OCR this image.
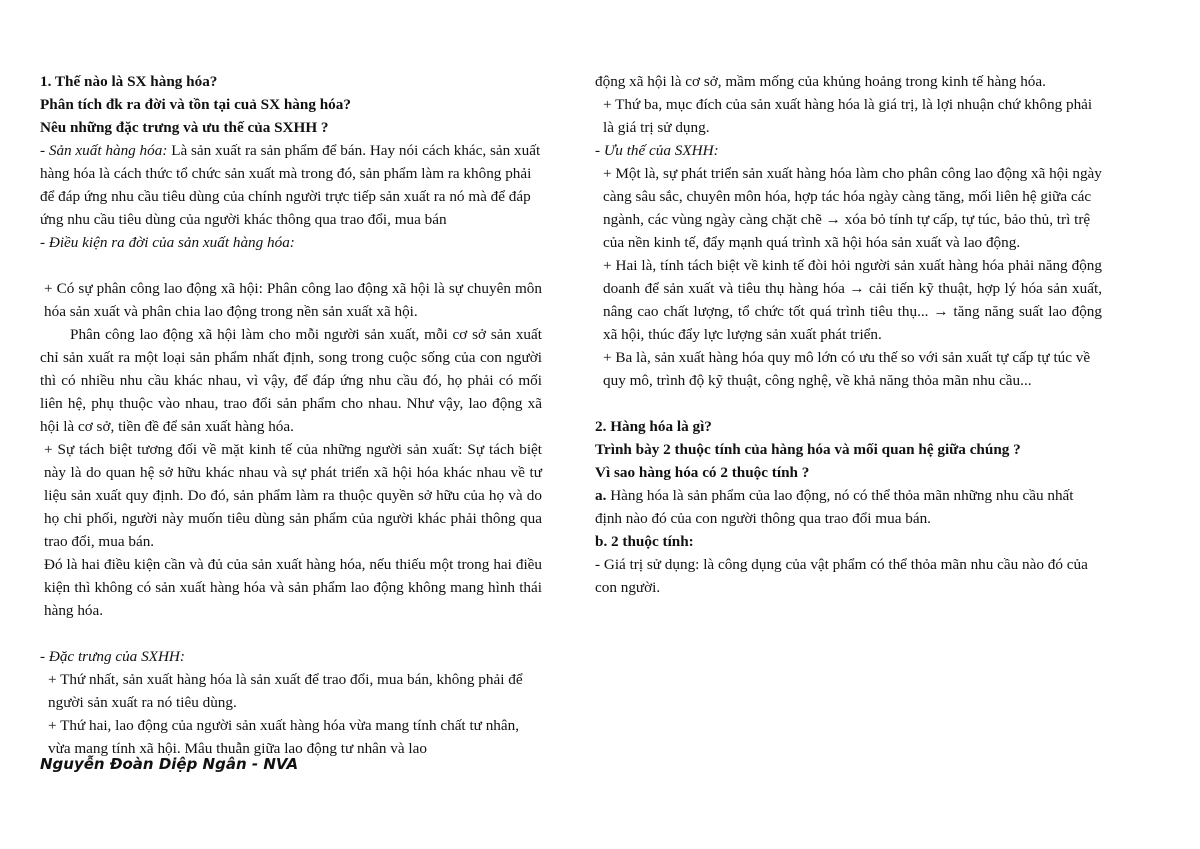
1. Thế nào là SX hàng hóa?

Phân tích đk ra đời và tồn tại cuả SX hàng hóa?

Nêu những đặc trưng và ưu thế của SXHH ?

- Sản xuất hàng hóa: Là sản xuất ra sản phẩm để bán. Hay nói cách khác, sản xuất hàng hóa là cách thức tổ chức sản xuất mà trong đó, sản phẩm làm ra không phải để đáp ứng nhu cầu tiêu dùng của chính người trực tiếp sản xuất ra nó mà để đáp ứng nhu cầu tiêu dùng của người khác thông qua trao đổi, mua bán

- Điều kiện ra đời của sản xuất hàng hóa:

+ Có sự phân công lao động xã hội: Phân công lao động xã hội là sự chuyên môn hóa sản xuất và phân chia lao động trong nền sản xuất xã hội.

Phân công lao động xã hội làm cho mỗi người sản xuất, mỗi cơ sở sản xuất chỉ sản xuất ra một loại sản phẩm nhất định, song trong cuộc sống của con người thì có nhiều nhu cầu khác nhau, vì vậy, để đáp ứng nhu cầu đó, họ phải có mối liên hệ, phụ thuộc vào nhau, trao đổi sản phẩm cho nhau. Như vậy, lao động xã hội là cơ sở, tiền đề để sản xuất hàng hóa.

+ Sự tách biệt tương đối về mặt kinh tế của những người sản xuất: Sự tách biệt này là do quan hệ sở hữu khác nhau và sự phát triển xã hội hóa khác nhau về tư liệu sản xuất quy định. Do đó, sản phẩm làm ra thuộc quyền sở hữu của họ và do họ chi phối, người này muốn tiêu dùng sản phẩm của người khác phải thông qua trao đổi, mua bán.

Đó là hai điều kiện cần và đủ của sản xuất hàng hóa, nếu thiếu một trong hai điều kiện thì không có sản xuất hàng hóa và sản phẩm lao động không mang hình thái hàng hóa.

- Đặc trưng của SXHH:

+ Thứ nhất, sản xuất hàng hóa là sản xuất để trao đổi, mua bán, không phải để người sản xuất ra nó tiêu dùng.

+ Thứ hai, lao động của người sản xuất hàng hóa vừa mang tính chất tư nhân, vừa mang tính xã hội. Mâu thuẫn giữa lao động tư nhân và lao

động xã hội là cơ sở, mầm mống của khủng hoảng trong kinh tế hàng hóa.

+ Thứ ba, mục đích của sản xuất hàng hóa là giá trị, là lợi nhuận chứ không phải là giá trị sử dụng.

- Ưu thế của SXHH:

+ Một là, sự phát triển sản xuất hàng hóa làm cho phân công lao động xã hội ngày càng sâu sắc, chuyên môn hóa, hợp tác hóa ngày càng tăng, mối liên hệ giữa các ngành, các vùng ngày càng chặt chẽ → xóa bỏ tính tự cấp, tự túc, bảo thủ, trì trệ của nền kinh tế, đẩy mạnh quá trình xã hội hóa sản xuất và lao động.

+ Hai là, tính tách biệt về kinh tế đòi hỏi người sản xuất hàng hóa phải năng động doanh để sản xuất và tiêu thụ hàng hóa → cải tiến kỹ thuật, hợp lý hóa sản xuất, nâng cao chất lượng, tổ chức tốt quá trình tiêu thụ... → tăng năng suất lao động xã hội, thúc đẩy lực lượng sản xuất phát triển.

+ Ba là, sản xuất hàng hóa quy mô lớn có ưu thế so với sản xuất tự cấp tự túc về quy mô, trình độ kỹ thuật, công nghệ, về khả năng thỏa mãn nhu cầu...

2. Hàng hóa là gì?

Trình bày 2 thuộc tính của hàng hóa và mối quan hệ giữa chúng ?

Vì sao hàng hóa có 2 thuộc tính ?

a. Hàng hóa là sản phẩm của lao động, nó có thể thỏa mãn những nhu cầu nhất định nào đó của con người thông qua trao đổi mua bán.

b. 2 thuộc tính:

- Giá trị sử dụng: là công dụng của vật phẩm có thể thỏa mãn nhu cầu nào đó của con người.

Nguyễn Đoàn Diệp Ngân - NVA
